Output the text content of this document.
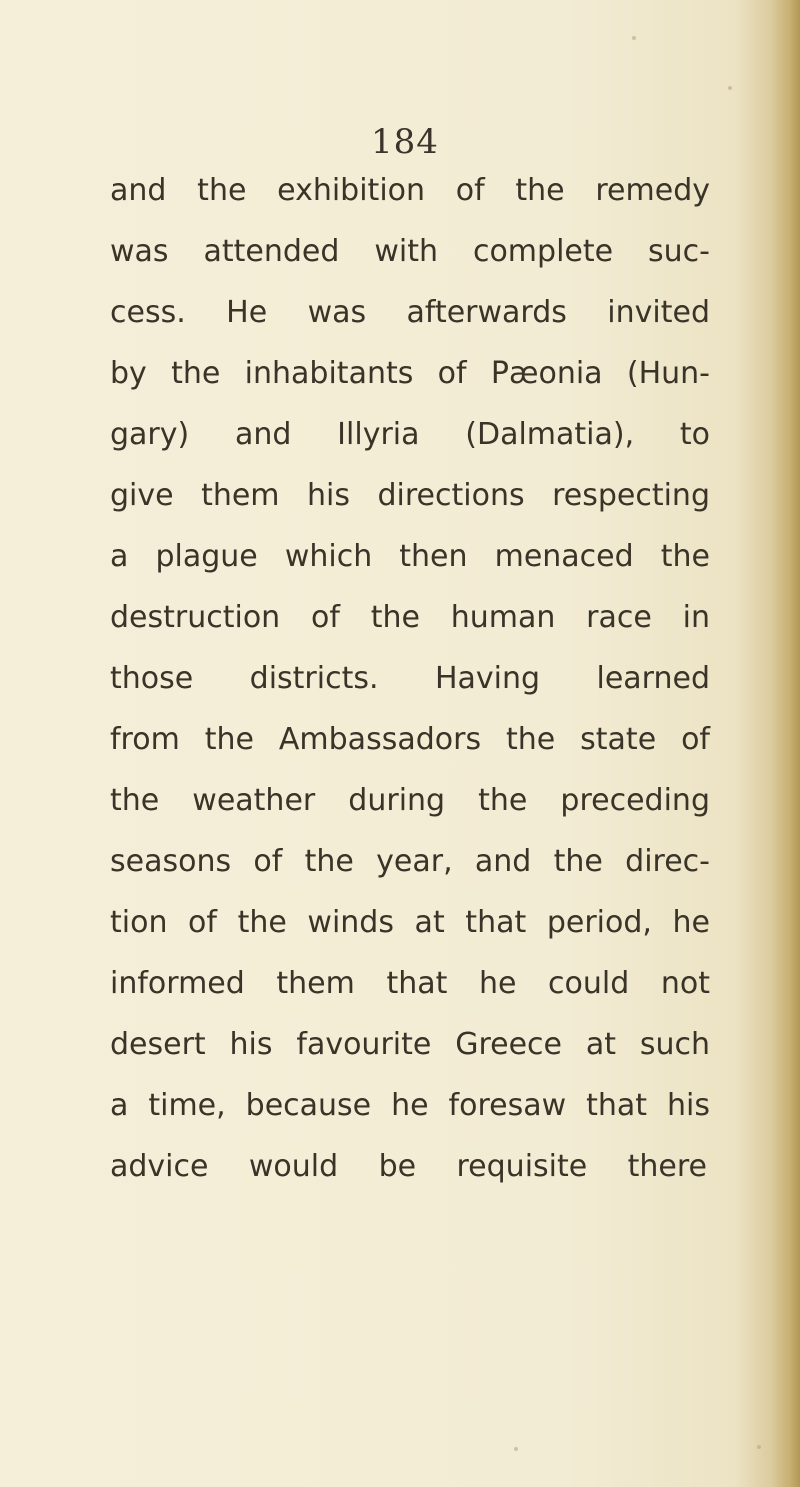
184
and the exhibition of the remedy
was attended with complete suc-
cess. He was afterwards invited
by the inhabitants of Pæonia (Hun-
gary) and Illyria (Dalmatia), to
give them his directions respecting
a plague which then menaced the
destruction of the human race in
those districts. Having learned
from the Ambassadors the state of
the weather during the preceding
seasons of the year, and the direc-
tion of the winds at that period, he
informed them that he could not
desert his favourite Greece at such
a time, because he foresaw that his
advice would be requisite there
